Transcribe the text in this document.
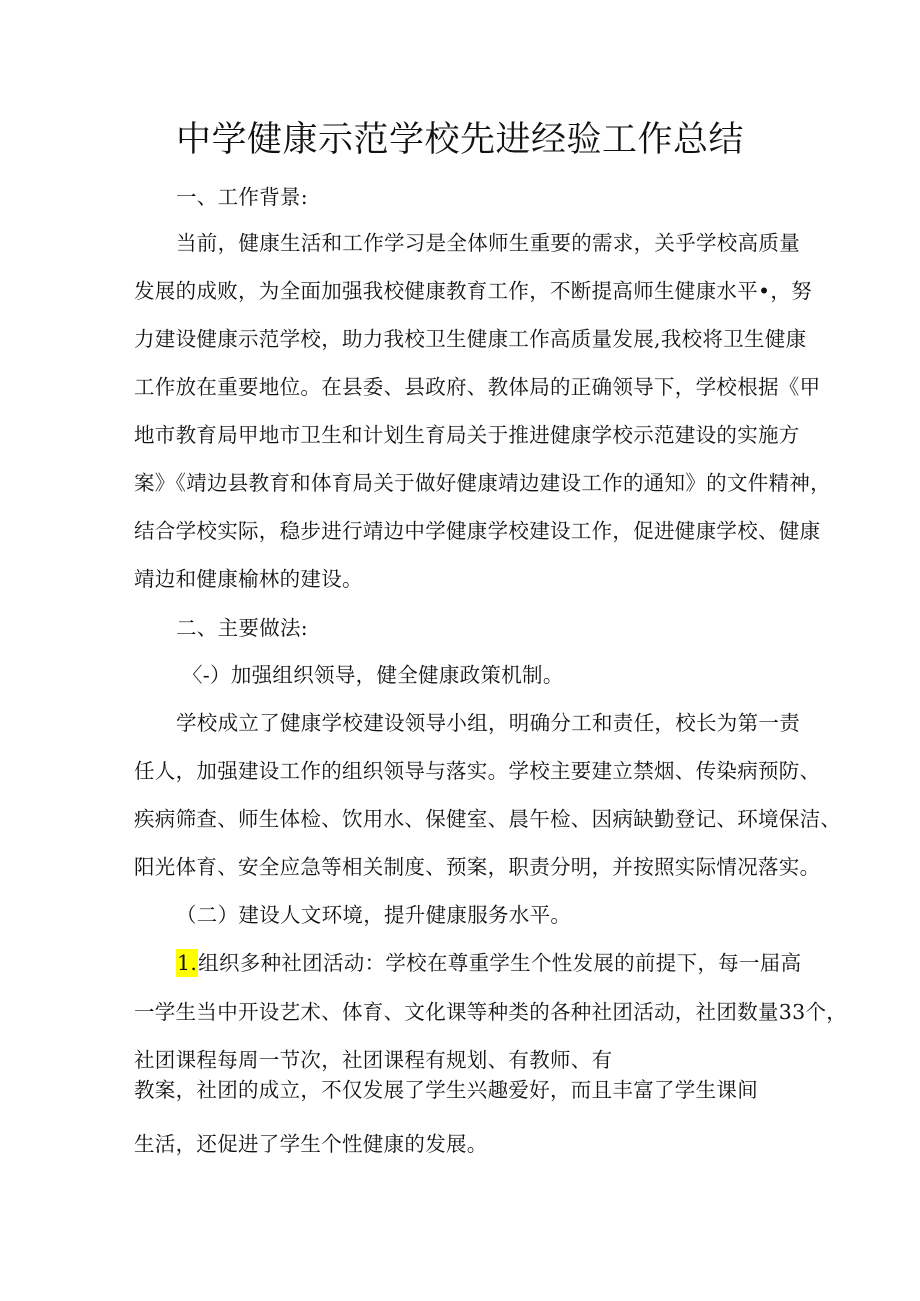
中学健康示范学校先进经验工作总结
一、工作背景:
当前，健康生活和工作学习是全体师生重要的需求，关乎学校高质量
发展的成败，为全面加强我校健康教育工作，不断提高师生健康水平•，努
力建设健康示范学校，助力我校卫生健康工作高质量发展,我校将卫生健康
工作放在重要地位。在县委、县政府、教体局的正确领导下，学校根据《甲
地市教育局甲地市卫生和计划生育局关于推进健康学校示范建设的实施方
案》《靖边县教育和体育局关于做好健康靖边建设工作的通知》的文件精神，
结合学校实际，稳步进行靖边中学健康学校建设工作，促进健康学校、健康
靖边和健康榆林的建设。
二、主要做法:
〈-）加强组织领导，健全健康政策机制。
学校成立了健康学校建设领导小组，明确分工和责任，校长为第一责
任人，加强建设工作的组织领导与落实。学校主要建立禁烟、传染病预防、
疾病筛查、师生体检、饮用水、保健室、晨午检、因病缺勤登记、环境保洁、
阳光体育、安全应急等相关制度、预案，职责分明，并按照实际情况落实。
（二）建设人文环境，提升健康服务水平。
1.组织多种社团活动：学校在尊重学生个性发展的前提下，每一届高
一学生当中开设艺术、体育、文化课等种类的各种社团活动，社团数量33个，
社团课程每周一节次，社团课程有规划、有教师、有
教案，社团的成立，不仅发展了学生兴趣爱好，而且丰富了学生课间
生活，还促进了学生个性健康的发展。
